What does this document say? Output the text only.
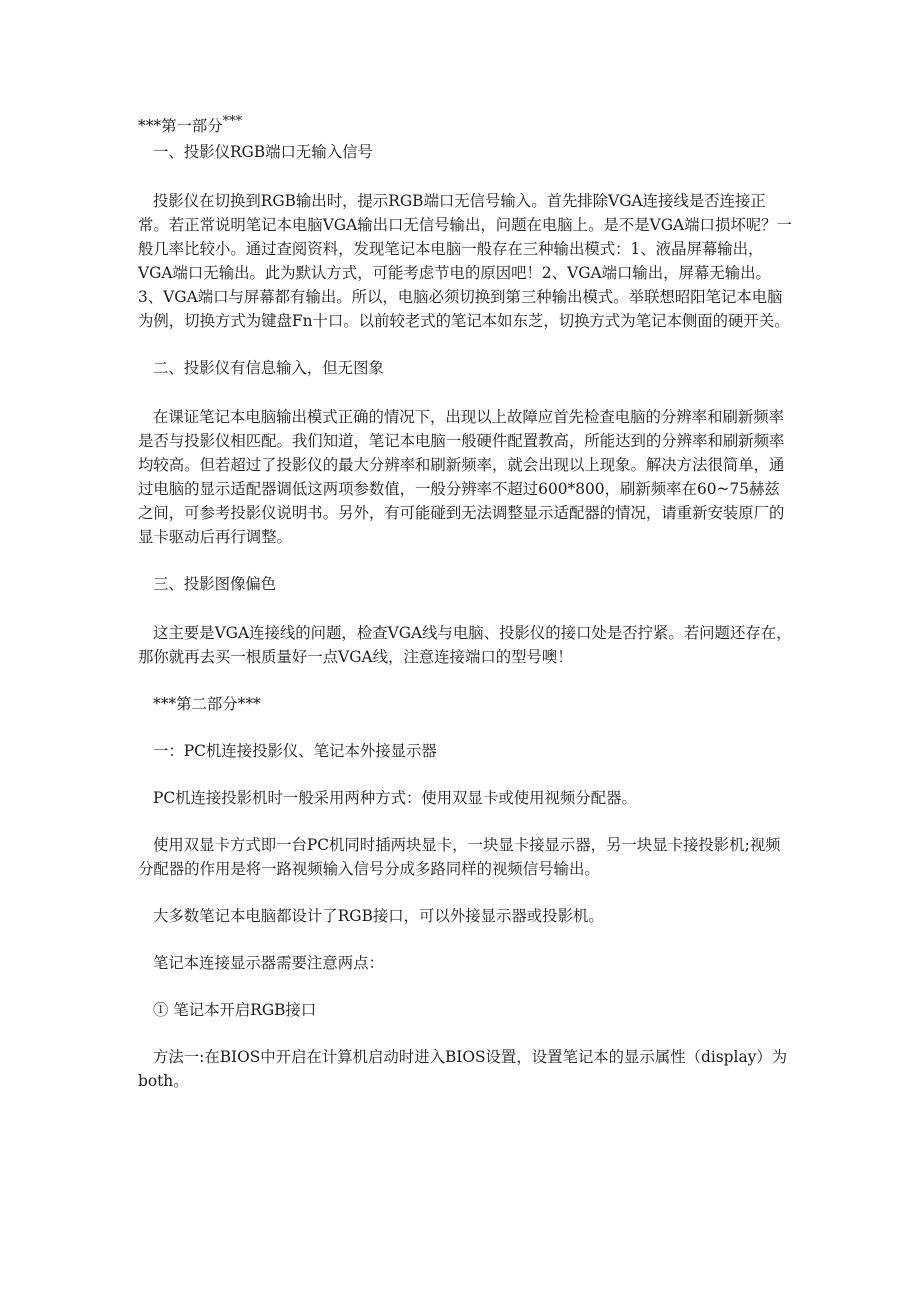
***第一部分***

一、投影仪RGB端口无输入信号

投影仪在切换到RGB输出时，提示RGB端口无信号输入。首先排除VGA连接线是否连接正常。若正常说明笔记本电脑VGA输出口无信号输出，问题在电脑上。是不是VGA端口损坏呢？一般几率比较小。通过查阅资料，发现笔记本电脑一般存在三种输出模式：1、液晶屏幕输出，VGA端口无输出。此为默认方式，可能考虑节电的原因吧！2、VGA端口输出，屏幕无输出。3、VGA端口与屏幕都有输出。所以，电脑必须切换到第三种输出模式。举联想昭阳笔记本电脑为例，切换方式为键盘Fn十口。以前较老式的笔记本如东芝，切换方式为笔记本侧面的硬开关。

二、投影仪有信息输入，但无图象

在课证笔记本电脑输出模式正确的情况下，出现以上故障应首先检查电脑的分辨率和刷新频率是否与投影仪相匹配。我们知道，笔记本电脑一般硬件配置教高，所能达到的分辨率和刷新频率均较高。但若超过了投影仪的最大分辨率和刷新频率，就会出现以上现象。解决方法很简单，通过电脑的显示适配器调低这两项参数值，一般分辨率不超过600*800，刷新频率在60~75赫兹之间，可参考投影仪说明书。另外，有可能碰到无法调整显示适配器的情况，请重新安装原厂的显卡驱动后再行调整。

三、投影图像偏色

这主要是VGA连接线的问题，检查VGA线与电脑、投影仪的接口处是否拧紧。若问题还存在，那你就再去买一根质量好一点VGA线，注意连接端口的型号噢！

***第二部分***

一：PC机连接投影仪、笔记本外接显示器

PC机连接投影机时一般采用两种方式：使用双显卡或使用视频分配器。

使用双显卡方式即一台PC机同时插两块显卡，一块显卡接显示器，另一块显卡接投影机;视频分配器的作用是将一路视频输入信号分成多路同样的视频信号输出。

大多数笔记本电脑都设计了RGB接口，可以外接显示器或投影机。

笔记本连接显示器需要注意两点：

① 笔记本开启RGB接口

方法一:在BIOS中开启在计算机启动时进入BIOS设置，设置笔记本的显示属性（display）为both。
